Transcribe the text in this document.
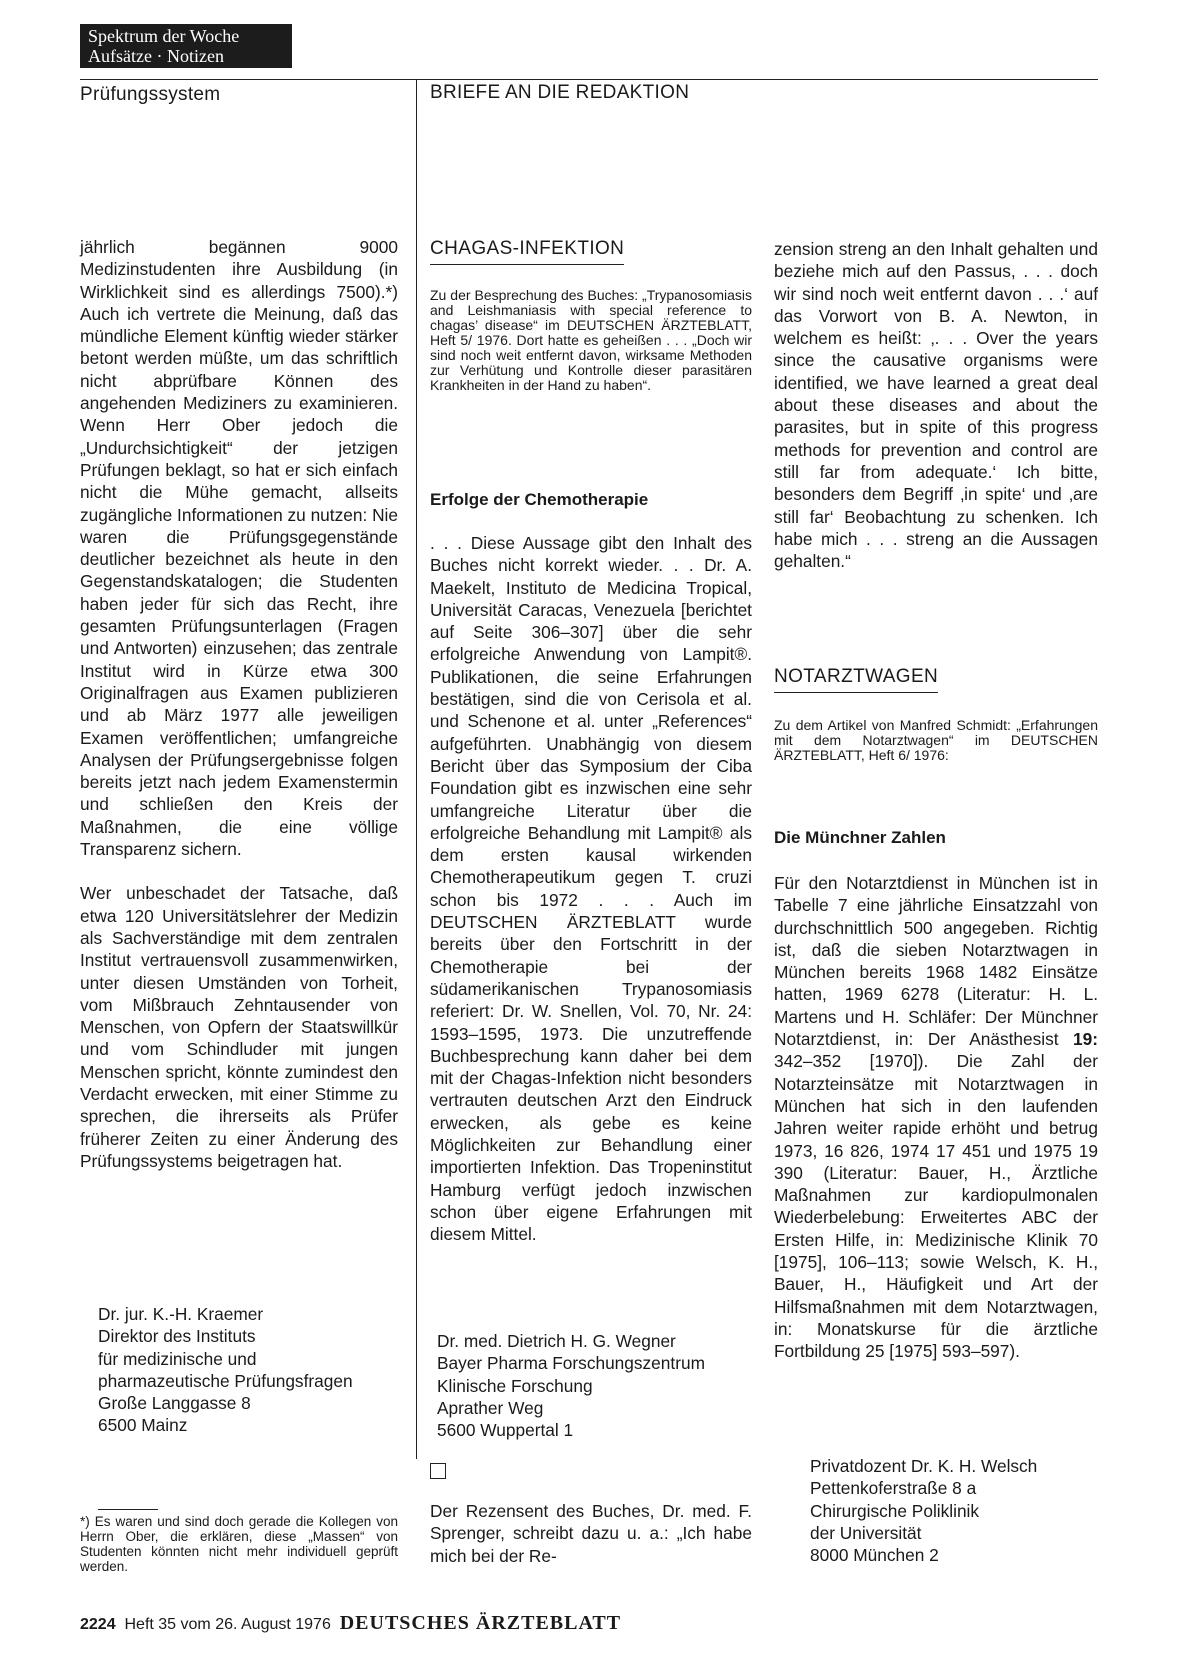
Spektrum der Woche
Aufsätze · Notizen
Prüfungssystem	BRIEFE AN DIE REDAKTION

jährlich begännen 9000 Medizinstudenten ihre Ausbildung (in Wirklichkeit sind es allerdings 7500).*) Auch ich vertrete die Meinung, daß das mündliche Element künftig wieder stärker betont werden müßte, um das schriftlich nicht abprüfbare Können des angehenden Mediziners zu examinieren. Wenn Herr Ober jedoch die „Undurchsichtigkeit“ der jetzigen Prüfungen beklagt, so hat er sich einfach nicht die Mühe gemacht, allseits zugängliche Informationen zu nutzen: Nie waren die Prüfungsgegenstände deutlicher bezeichnet als heute in den Gegenstandskatalogen; die Studenten haben jeder für sich das Recht, ihre gesamten Prüfungsunterlagen (Fragen und Antworten) einzusehen; das zentrale Institut wird in Kürze etwa 300 Originalfragen aus Examen publizieren und ab März 1977 alle jeweiligen Examen veröffentlichen; umfangreiche Analysen der Prüfungsergebnisse folgen bereits jetzt nach jedem Examenstermin und schließen den Kreis der Maßnahmen, die eine völlige Transparenz sichern.

Wer unbeschadet der Tatsache, daß etwa 120 Universitätslehrer der Medizin als Sachverständige mit dem zentralen Institut vertrauensvoll zusammenwirken, unter diesen Umständen von Torheit, vom Mißbrauch Zehntausender von Menschen, von Opfern der Staatswillkür und vom Schindluder mit jungen Menschen spricht, könnte zumindest den Verdacht erwecken, mit einer Stimme zu sprechen, die ihrerseits als Prüfer früherer Zeiten zu einer Änderung des Prüfungssystems beigetragen hat.

Dr. jur. K.-H. Kraemer
Direktor des Instituts
für medizinische und
pharmazeutische Prüfungsfragen
Große Langgasse 8
6500 Mainz
*) Es waren und sind doch gerade die Kollegen von Herrn Ober, die erklären, diese „Massen“ von Studenten könnten nicht mehr individuell geprüft werden.
CHAGAS-INFEKTION

Zu der Besprechung des Buches: „Trypanosomiasis and Leishmaniasis with special reference to chagas’ disease“ im DEUTSCHEN ÄRZTEBLATT, Heft 5/ 1976. Dort hatte es geheißen . . . „Doch wir sind noch weit entfernt davon, wirksame Methoden zur Verhütung und Kontrolle dieser parasitären Krankheiten in der Hand zu haben“.

Erfolge der Chemotherapie

. . . Diese Aussage gibt den Inhalt des Buches nicht korrekt wieder. . . Dr. A. Maekelt, Instituto de Medicina Tropical, Universität Caracas, Venezuela [berichtet auf Seite 306–307] über die sehr erfolgreiche Anwendung von Lampit®. Publikationen, die seine Erfahrungen bestätigen, sind die von Cerisola et al. und Schenone et al. unter „References“ aufgeführten. Unabhängig von diesem Bericht über das Symposium der Ciba Foundation gibt es inzwischen eine sehr umfangreiche Literatur über die erfolgreiche Behandlung mit Lampit® als dem ersten kausal wirkenden Chemotherapeutikum gegen T. cruzi schon bis 1972 . . . Auch im DEUTSCHEN ÄRZTEBLATT wurde bereits über den Fortschritt in der Chemotherapie bei der südamerikanischen Trypanosomiasis referiert: Dr. W. Snellen, Vol. 70, Nr. 24: 1593–1595, 1973. Die unzutreffende Buchbesprechung kann daher bei dem mit der Chagas-Infektion nicht besonders vertrauten deutschen Arzt den Eindruck erwecken, als gebe es keine Möglichkeiten zur Behandlung einer importierten Infektion. Das Tropeninstitut Hamburg verfügt jedoch inzwischen schon über eigene Erfahrungen mit diesem Mittel.

Dr. med. Dietrich H. G. Wegner
Bayer Pharma Forschungszentrum
Klinische Forschung
Aprather Weg
5600 Wuppertal 1

Der Rezensent des Buches, Dr. med. F. Sprenger, schreibt dazu u. a.: „Ich habe mich bei der Re-

zension streng an den Inhalt gehalten und beziehe mich auf den Passus, . . . doch wir sind noch weit entfernt davon . . .‘ auf das Vorwort von B. A. Newton, in welchem es heißt: ‚. . . Over the years since the causative organisms were identified, we have learned a great deal about these diseases and about the parasites, but in spite of this progress methods for prevention and control are still far from adequate.‘ Ich bitte, besonders dem Begriff ‚in spite‘ und ‚are still far‘ Beobachtung zu schenken. Ich habe mich . . . streng an die Aussagen gehalten.“

NOTARZTWAGEN

Zu dem Artikel von Manfred Schmidt: „Erfahrungen mit dem Notarztwagen“ im DEUTSCHEN ÄRZTEBLATT, Heft 6/ 1976:

Die Münchner Zahlen

Für den Notarztdienst in München ist in Tabelle 7 eine jährliche Einsatzzahl von durchschnittlich 500 angegeben. Richtig ist, daß die sieben Notarztwagen in München bereits 1968 1482 Einsätze hatten, 1969 6278 (Literatur: H. L. Martens und H. Schläfer: Der Münchner Notarztdienst, in: Der Anästhesist 19: 342–352 [1970]). Die Zahl der Notarzteinsätze mit Notarztwagen in München hat sich in den laufenden Jahren weiter rapide erhöht und betrug 1973, 16 826, 1974 17 451 und 1975 19 390 (Literatur: Bauer, H., Ärztliche Maßnahmen zur kardiopulmonalen Wiederbelebung: Erweitertes ABC der Ersten Hilfe, in: Medizinische Klinik 70 [1975], 106–113; sowie Welsch, K. H., Bauer, H., Häufigkeit und Art der Hilfsmaßnahmen mit dem Notarztwagen, in: Monatskurse für die ärztliche Fortbildung 25 [1975] 593–597).

Privatdozent Dr. K. H. Welsch
Pettenkoferstraße 8 a
Chirurgische Poliklinik
der Universität
8000 München 2
2224 Heft 35 vom 26. August 1976 DEUTSCHES ÄRZTEBLATT
